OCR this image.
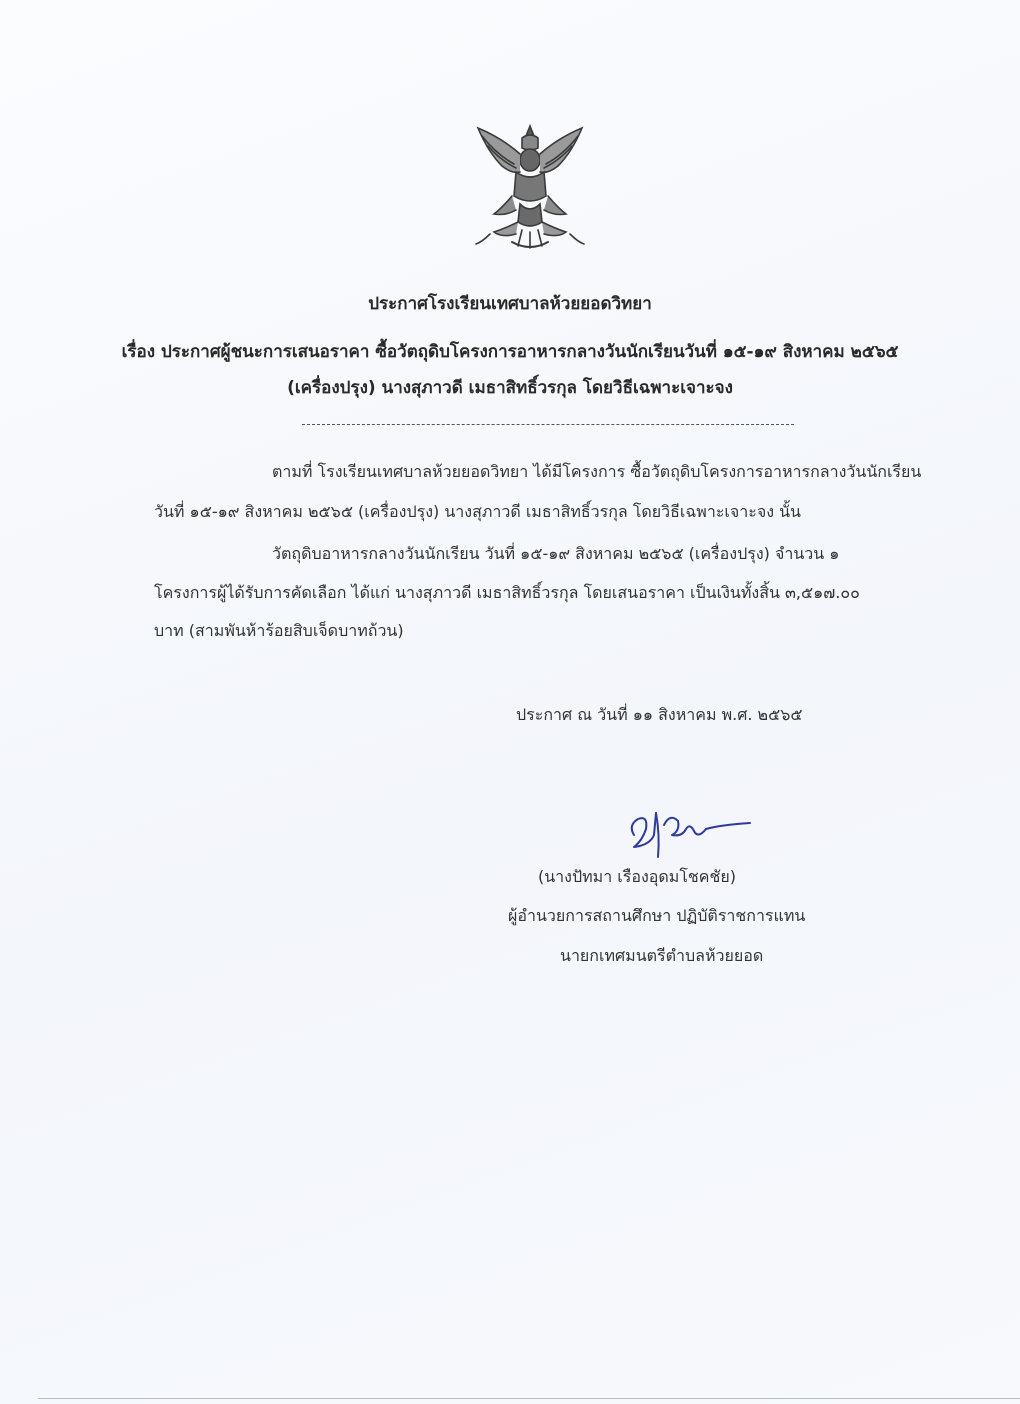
ประกาศโรงเรียนเทศบาลห้วยยอดวิทยา
เรื่อง ประกาศผู้ชนะการเสนอราคา ซื้อวัตถุดิบโครงการอาหารกลางวันนักเรียนวันที่ ๑๕-๑๙ สิงหาคม ๒๕๖๕
(เครื่องปรุง) นางสุภาวดี เมธาสิทธิ์วรกุล โดยวิธีเฉพาะเจาะจง
ตามที่ โรงเรียนเทศบาลห้วยยอดวิทยา ได้มีโครงการ ซื้อวัตถุดิบโครงการอาหารกลางวันนักเรียน
วันที่ ๑๕-๑๙ สิงหาคม ๒๕๖๕ (เครื่องปรุง) นางสุภาวดี เมธาสิทธิ์วรกุล โดยวิธีเฉพาะเจาะจง นั้น
วัตถุดิบอาหารกลางวันนักเรียน วันที่ ๑๕-๑๙ สิงหาคม ๒๕๖๕ (เครื่องปรุง) จำนวน ๑
โครงการผู้ได้รับการคัดเลือก ได้แก่ นางสุภาวดี เมธาสิทธิ์วรกุล โดยเสนอราคา เป็นเงินทั้งสิ้น ๓,๕๑๗.๐๐
บาท (สามพันห้าร้อยสิบเจ็ดบาทถ้วน)
ประกาศ ณ วันที่ ๑๑ สิงหาคม พ.ศ. ๒๕๖๕
(นางปัทมา เรืองอุดมโชคชัย)
ผู้อำนวยการสถานศึกษา ปฏิบัติราชการแทน
นายกเทศมนตรีตำบลห้วยยอด
